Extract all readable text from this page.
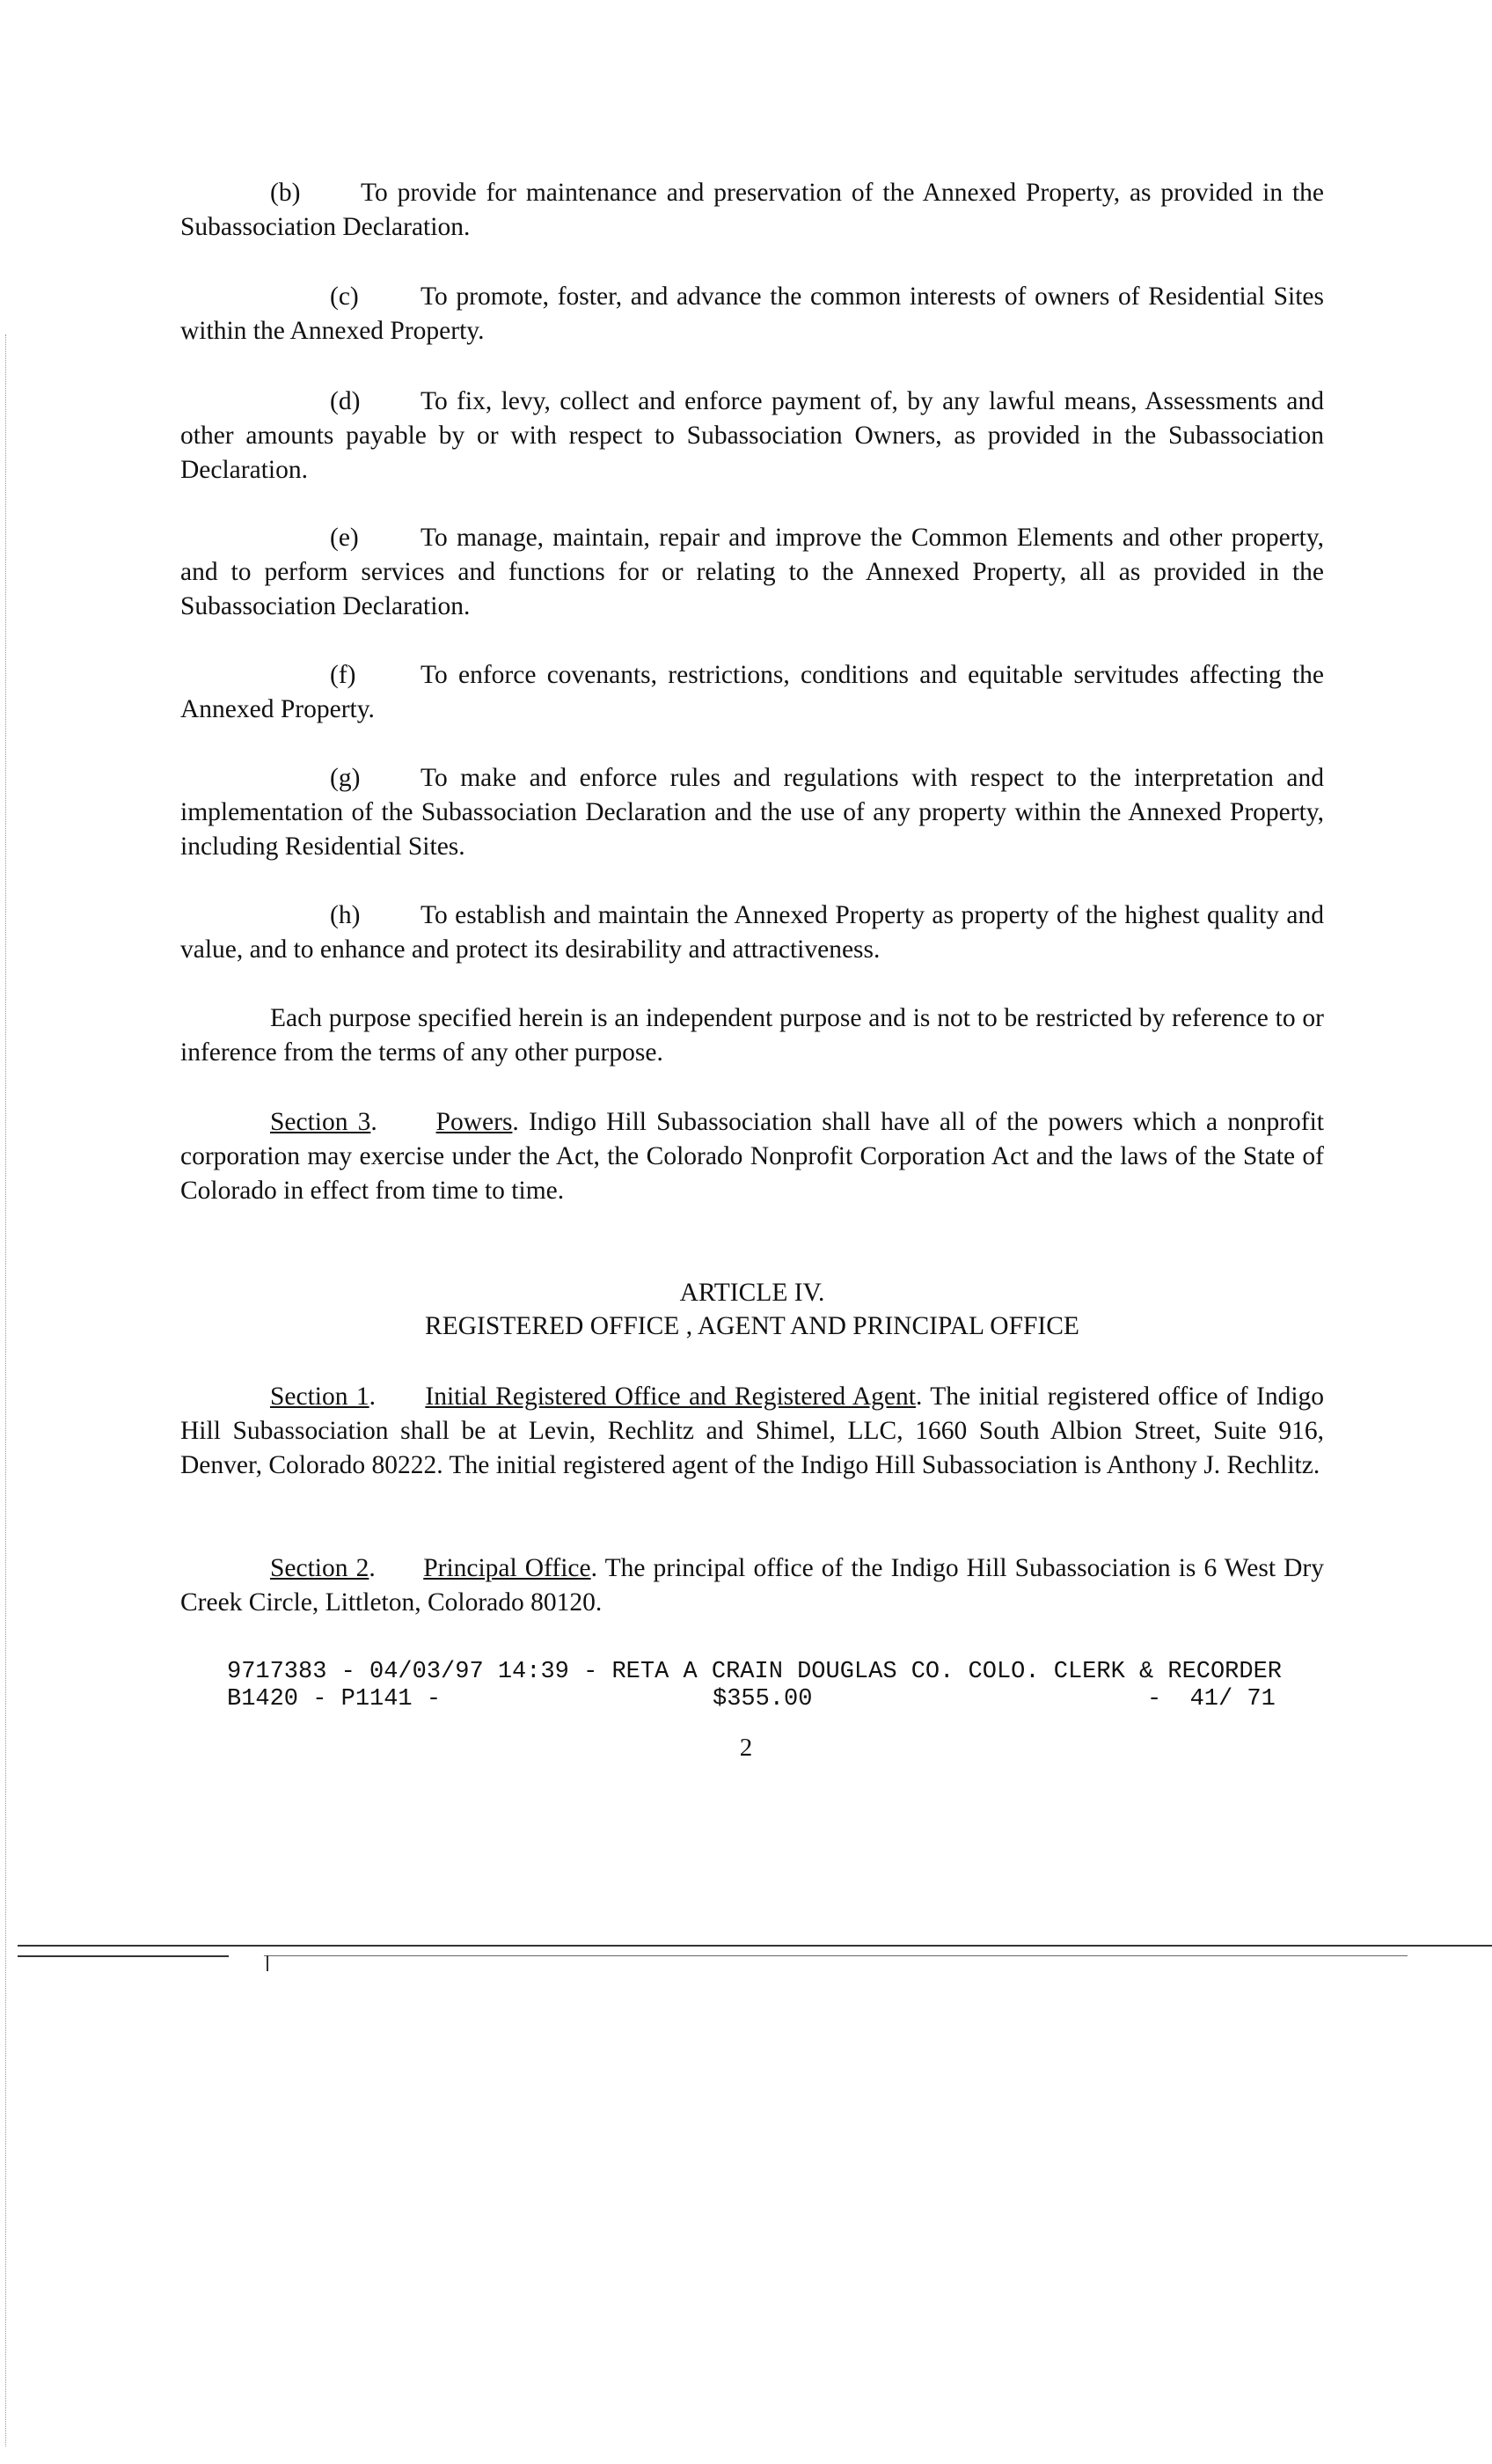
(b) To provide for maintenance and preservation of the Annexed Property, as provided in the Subassociation Declaration.

(c) To promote, foster, and advance the common interests of owners of Residential Sites within the Annexed Property.

(d) To fix, levy, collect and enforce payment of, by any lawful means, Assessments and other amounts payable by or with respect to Subassociation Owners, as provided in the Subassociation Declaration.

(e) To manage, maintain, repair and improve the Common Elements and other property, and to perform services and functions for or relating to the Annexed Property, all as provided in the Subassociation Declaration.

(f) To enforce covenants, restrictions, conditions and equitable servitudes affecting the Annexed Property.

(g) To make and enforce rules and regulations with respect to the interpretation and implementation of the Subassociation Declaration and the use of any property within the Annexed Property, including Residential Sites.

(h) To establish and maintain the Annexed Property as property of the highest quality and value, and to enhance and protect its desirability and attractiveness.

Each purpose specified herein is an independent purpose and is not to be restricted by reference to or inference from the terms of any other purpose.

Section 3.      Powers. Indigo Hill Subassociation shall have all of the powers which a nonprofit corporation may exercise under the Act, the Colorado Nonprofit Corporation Act and the laws of the State of Colorado in effect from time to time.

ARTICLE IV.
REGISTERED OFFICE , AGENT AND PRINCIPAL OFFICE

Section 1.      Initial Registered Office and Registered Agent. The initial registered office of Indigo Hill Subassociation shall be at Levin, Rechlitz and Shimel, LLC, 1660 South Albion Street, Suite 916, Denver, Colorado 80222. The initial registered agent of the Indigo Hill Subassociation is Anthony J. Rechlitz.

Section 2.      Principal Office. The principal office of the Indigo Hill Subassociation is 6 West Dry Creek Circle, Littleton, Colorado 80120.

9717383 - 04/03/97 14:39 - RETA A CRAIN DOUGLAS CO. COLO. CLERK & RECORDER
B1420 - P1141 -	$355.00	-  41/ 71
2
